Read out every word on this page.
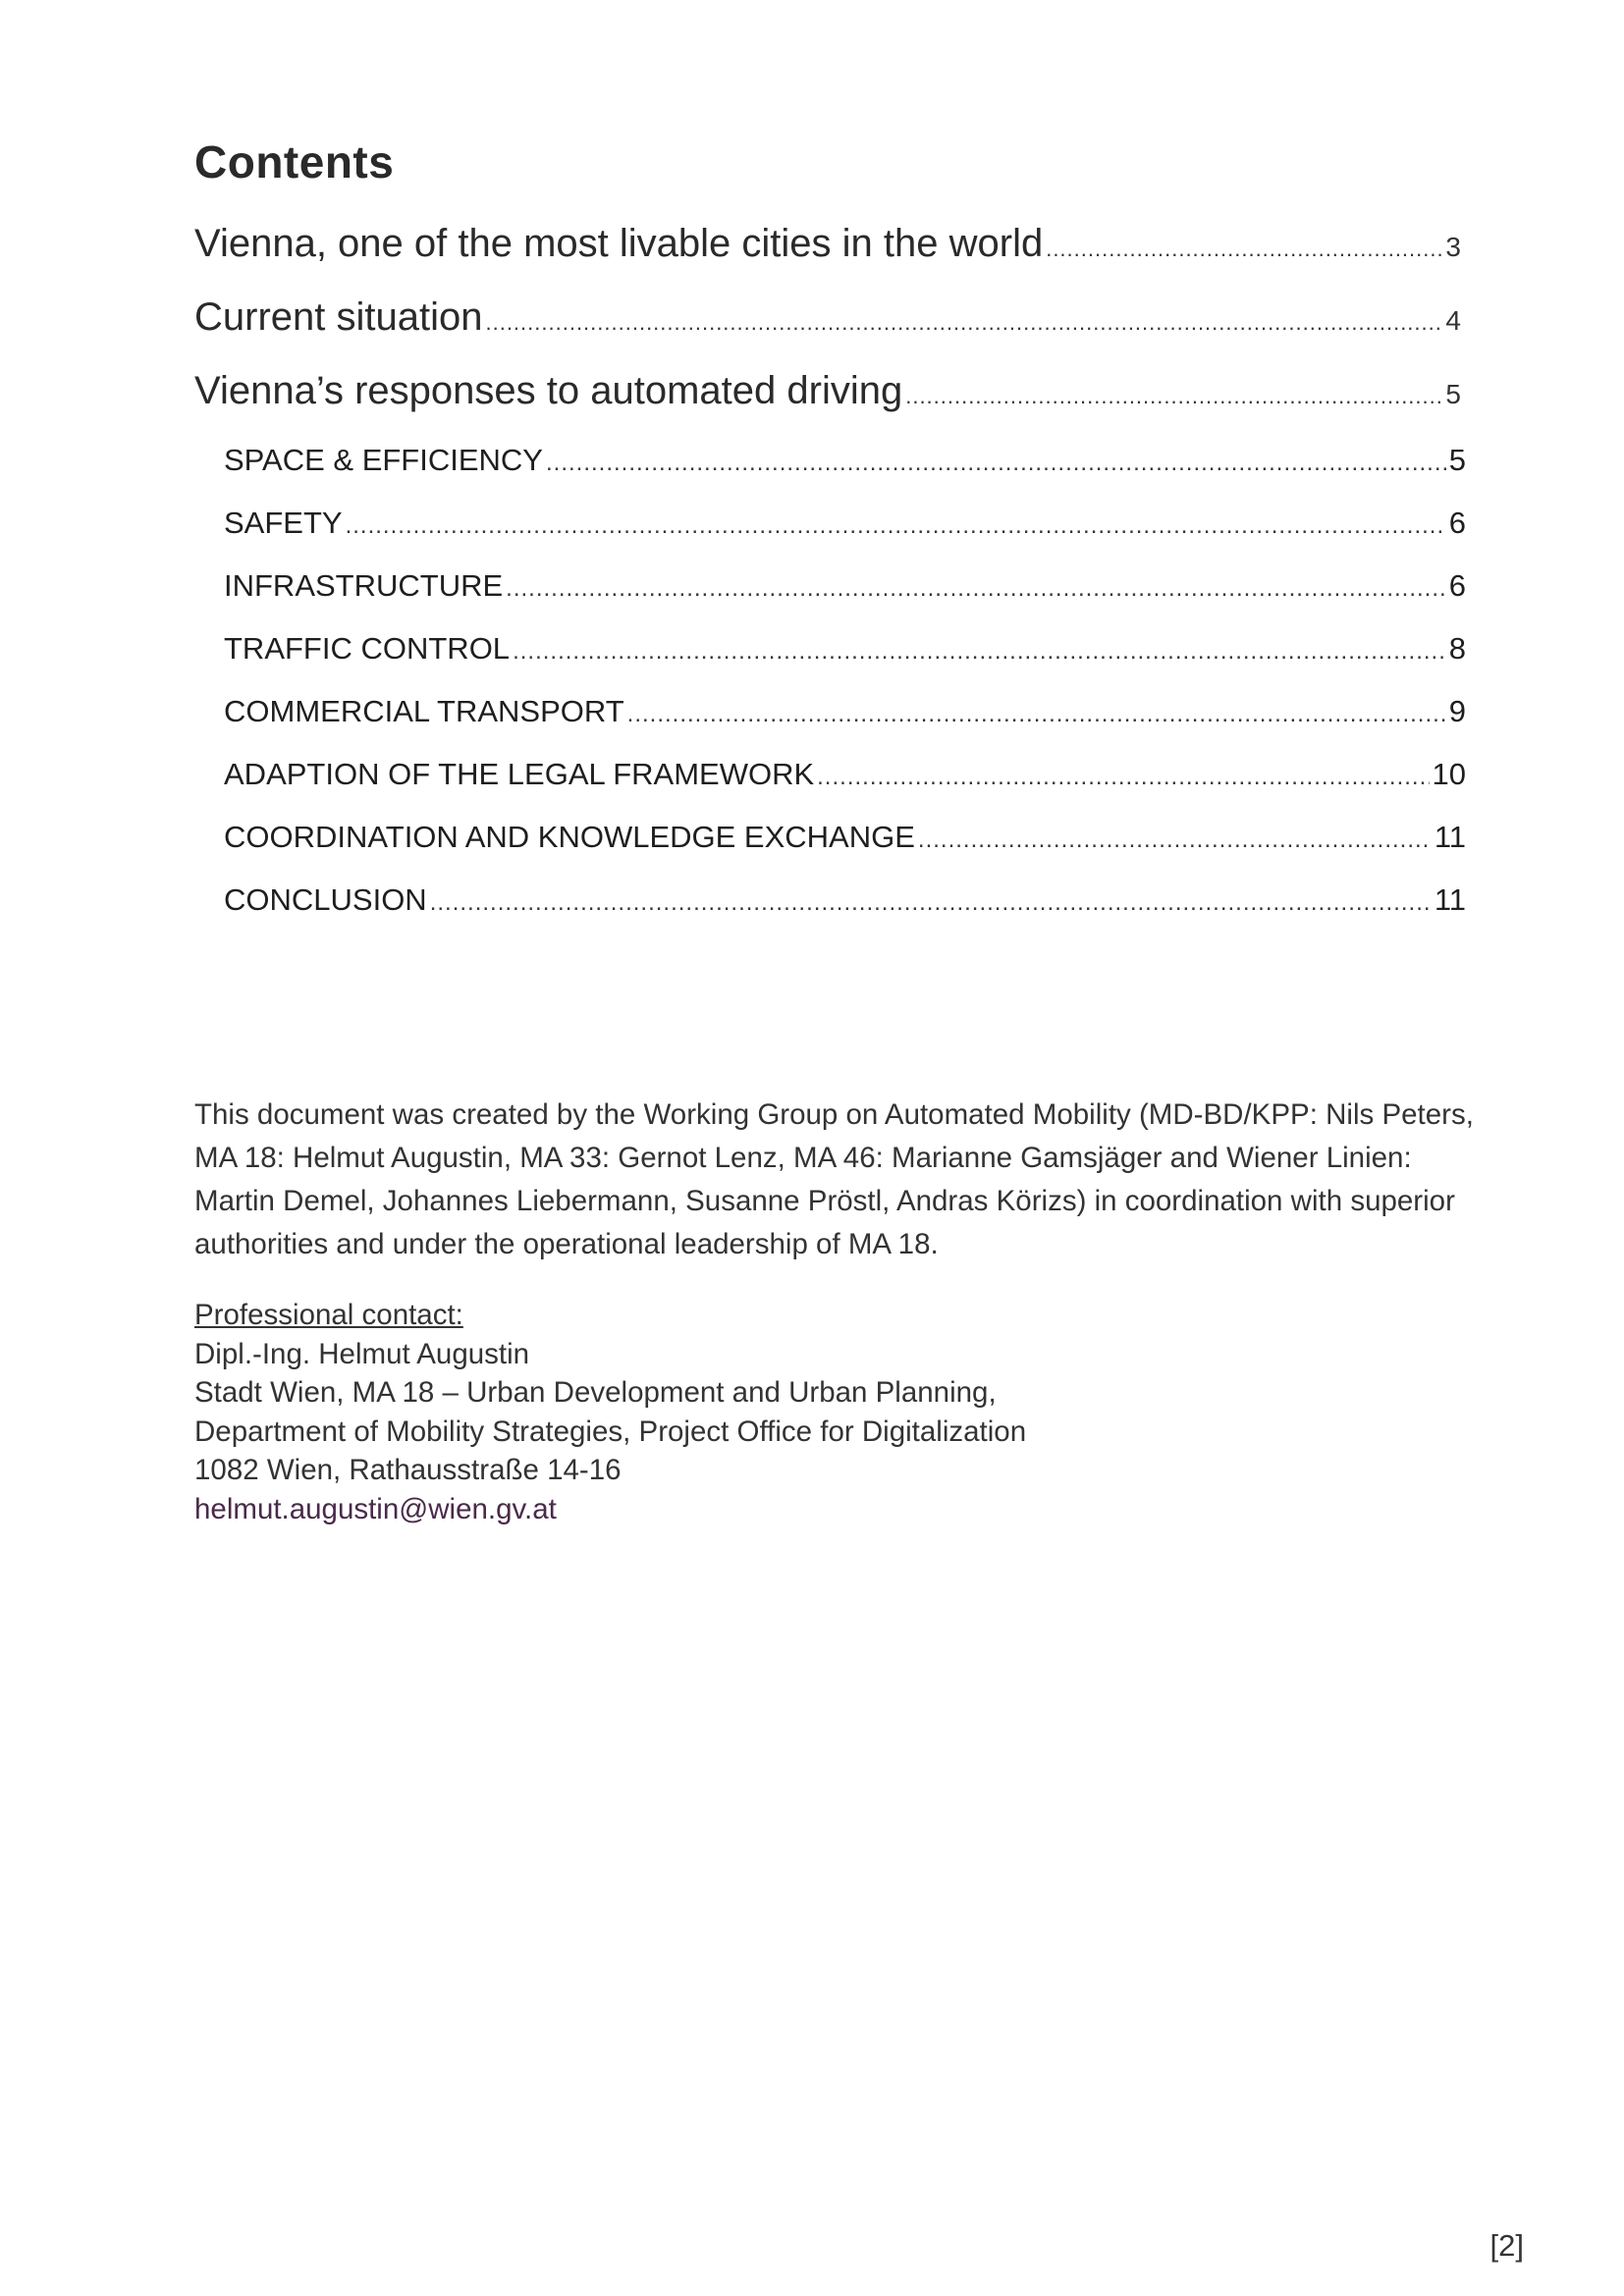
Contents
Vienna, one of the most livable cities in the world .....	3
Current situation .....	4
Vienna’s responses to automated driving .....	5
SPACE & EFFICIENCY .....	5
SAFETY .....	6
INFRASTRUCTURE .....	6
TRAFFIC CONTROL .....	8
COMMERCIAL TRANSPORT .....	9
ADAPTION OF THE LEGAL FRAMEWORK .....	10
COORDINATION AND KNOWLEDGE EXCHANGE .....	11
CONCLUSION .....	11

This document was created by the Working Group on Automated Mobility (MD-BD/KPP: Nils Peters, MA 18: Helmut Augustin, MA 33: Gernot Lenz, MA 46: Marianne Gamsjäger and Wiener Linien: Martin Demel, Johannes Liebermann, Susanne Pröstl, Andras Körizs) in coordination with superior authorities and under the operational leadership of MA 18.

Professional contact:
Dipl.-Ing. Helmut Augustin
Stadt Wien, MA 18 – Urban Development and Urban Planning,
Department of Mobility Strategies, Project Office for Digitalization
1082 Wien, Rathausstraße 14-16
helmut.augustin@wien.gv.at
[2]
